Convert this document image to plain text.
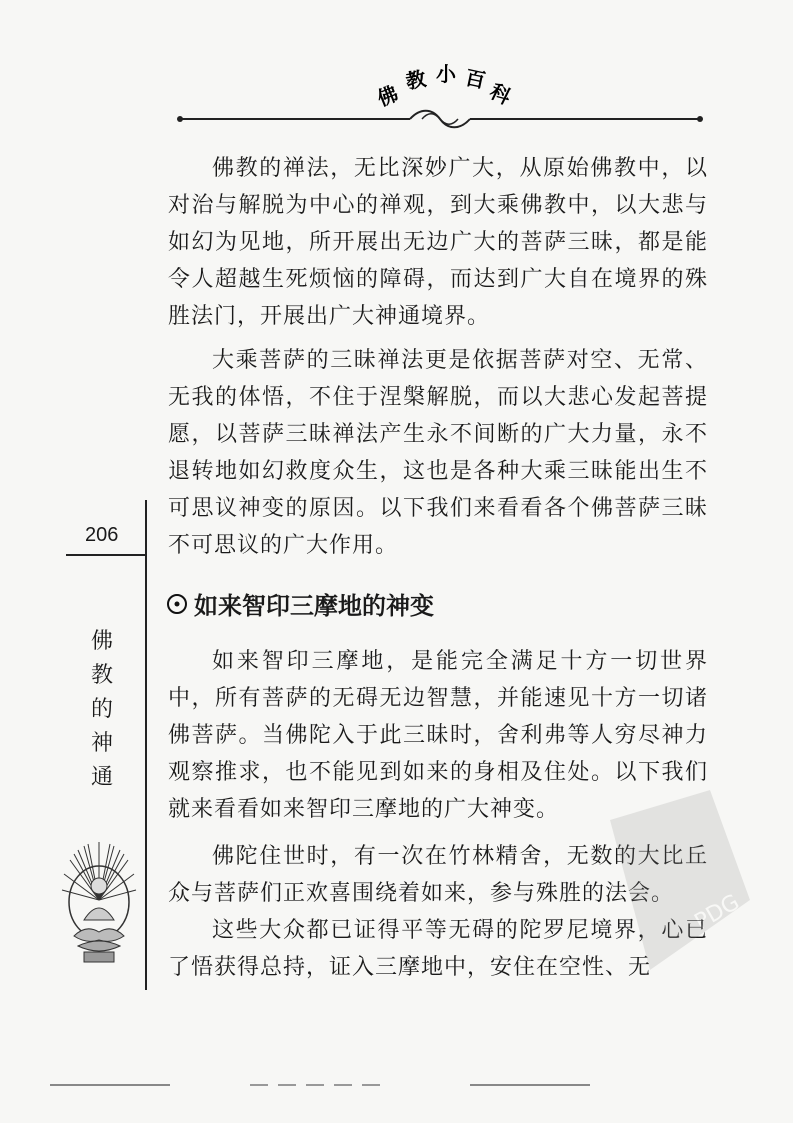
佛
教 小 百
科
206
佛
教
的
神
通

佛教的禅法，无比深妙广大，从原始佛教中，以对治与解脱为中心的禅观，到大乘佛教中，以大悲与如幻为见地，所开展出无边广大的菩萨三昧，都是能令人超越生死烦恼的障碍，而达到广大自在境界的殊胜法门，开展出广大神通境界。

大乘菩萨的三昧禅法更是依据菩萨对空、无常、无我的体悟，不住于涅槃解脱，而以大悲心发起菩提愿，以菩萨三昧禅法产生永不间断的广大力量，永不退转地如幻救度众生，这也是各种大乘三昧能出生不可思议神变的原因。以下我们来看看各个佛菩萨三昧不可思议的广大作用。

如来智印三摩地的神变

如来智印三摩地，是能完全满足十方一切世界中，所有菩萨的无碍无边智慧，并能速见十方一切诸佛菩萨。当佛陀入于此三昧时，舍利弗等人穷尽神力观察推求，也不能见到如来的身相及住处。以下我们就来看看如来智印三摩地的广大神变。

佛陀住世时，有一次在竹林精舍，无数的大比丘众与菩萨们正欢喜围绕着如来，参与殊胜的法会。

这些大众都已证得平等无碍的陀罗尼境界，心已了悟获得总持，证入三摩地中，安住在空性、无

PDG
